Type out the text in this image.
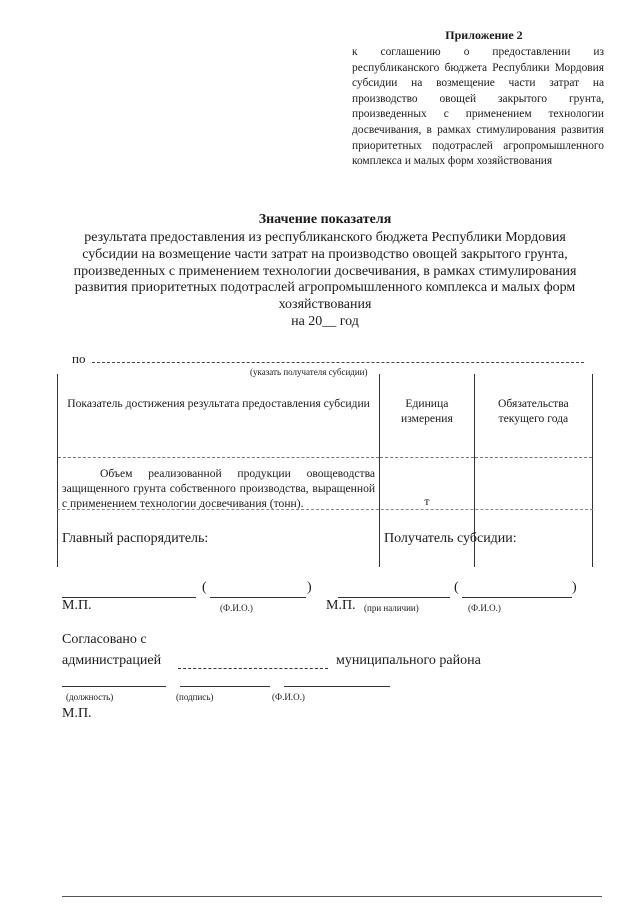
Приложение 2
к соглашению о предоставлении из республиканского бюджета Республики Мордовия субсидии на возмещение части затрат на производство овощей закрытого грунта, произведенных с применением технологии досвечивания, в рамках стимулирования развития приоритетных подотраслей агропромышленного комплекса и малых форм хозяйствования
Значение показателя
результата предоставления из республиканского бюджета Республики Мордовия субсидии на возмещение части затрат на производство овощей закрытого грунта, произведенных с применением технологии досвечивания, в рамках стимулирования развития приоритетных подотраслей агропромышленного комплекса и малых форм хозяйствования
на 20__ год
по
(указать получателя субсидии)
Показатель достижения результата предоставления субсидии	Единица измерения	Обязательства текущего года
Объем реализованной продукции овощеводства защищенного грунта собственного производства, выращенной с применением технологии досвечивания (тонн).	т	
Главный распорядитель:	Получатель субсидии:
(	)	(	)
М.П.	(Ф.И.О.)	М.П. (при наличии)	(Ф.И.О.)
Согласовано с
администрацией	муниципального района
(должность)	(подпись)	(Ф.И.О.)
М.П.
